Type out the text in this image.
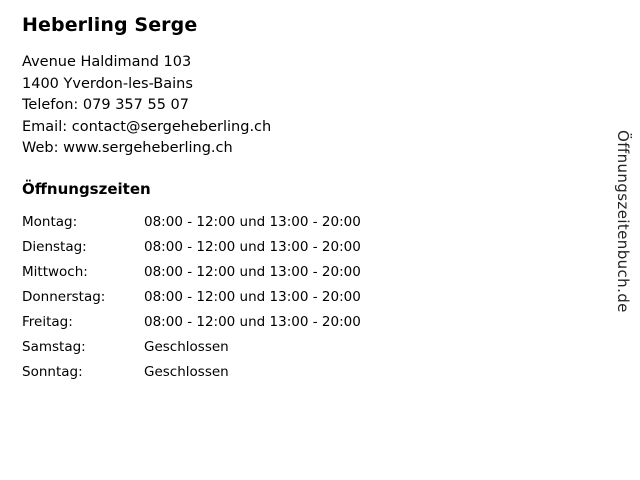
Heberling Serge
Avenue Haldimand 103
1400 Yverdon-les-Bains
Telefon: 079 357 55 07
Email: contact@sergeheberling.ch
Web: www.sergeheberling.ch
Öffnungszeiten
Montag:	08:00 - 12:00 und 13:00 - 20:00
Dienstag:	08:00 - 12:00 und 13:00 - 20:00
Mittwoch:	08:00 - 12:00 und 13:00 - 20:00
Donnerstag:	08:00 - 12:00 und 13:00 - 20:00
Freitag:	08:00 - 12:00 und 13:00 - 20:00
Samstag:	Geschlossen
Sonntag:	Geschlossen
Öffnungszeitenbuch.de
